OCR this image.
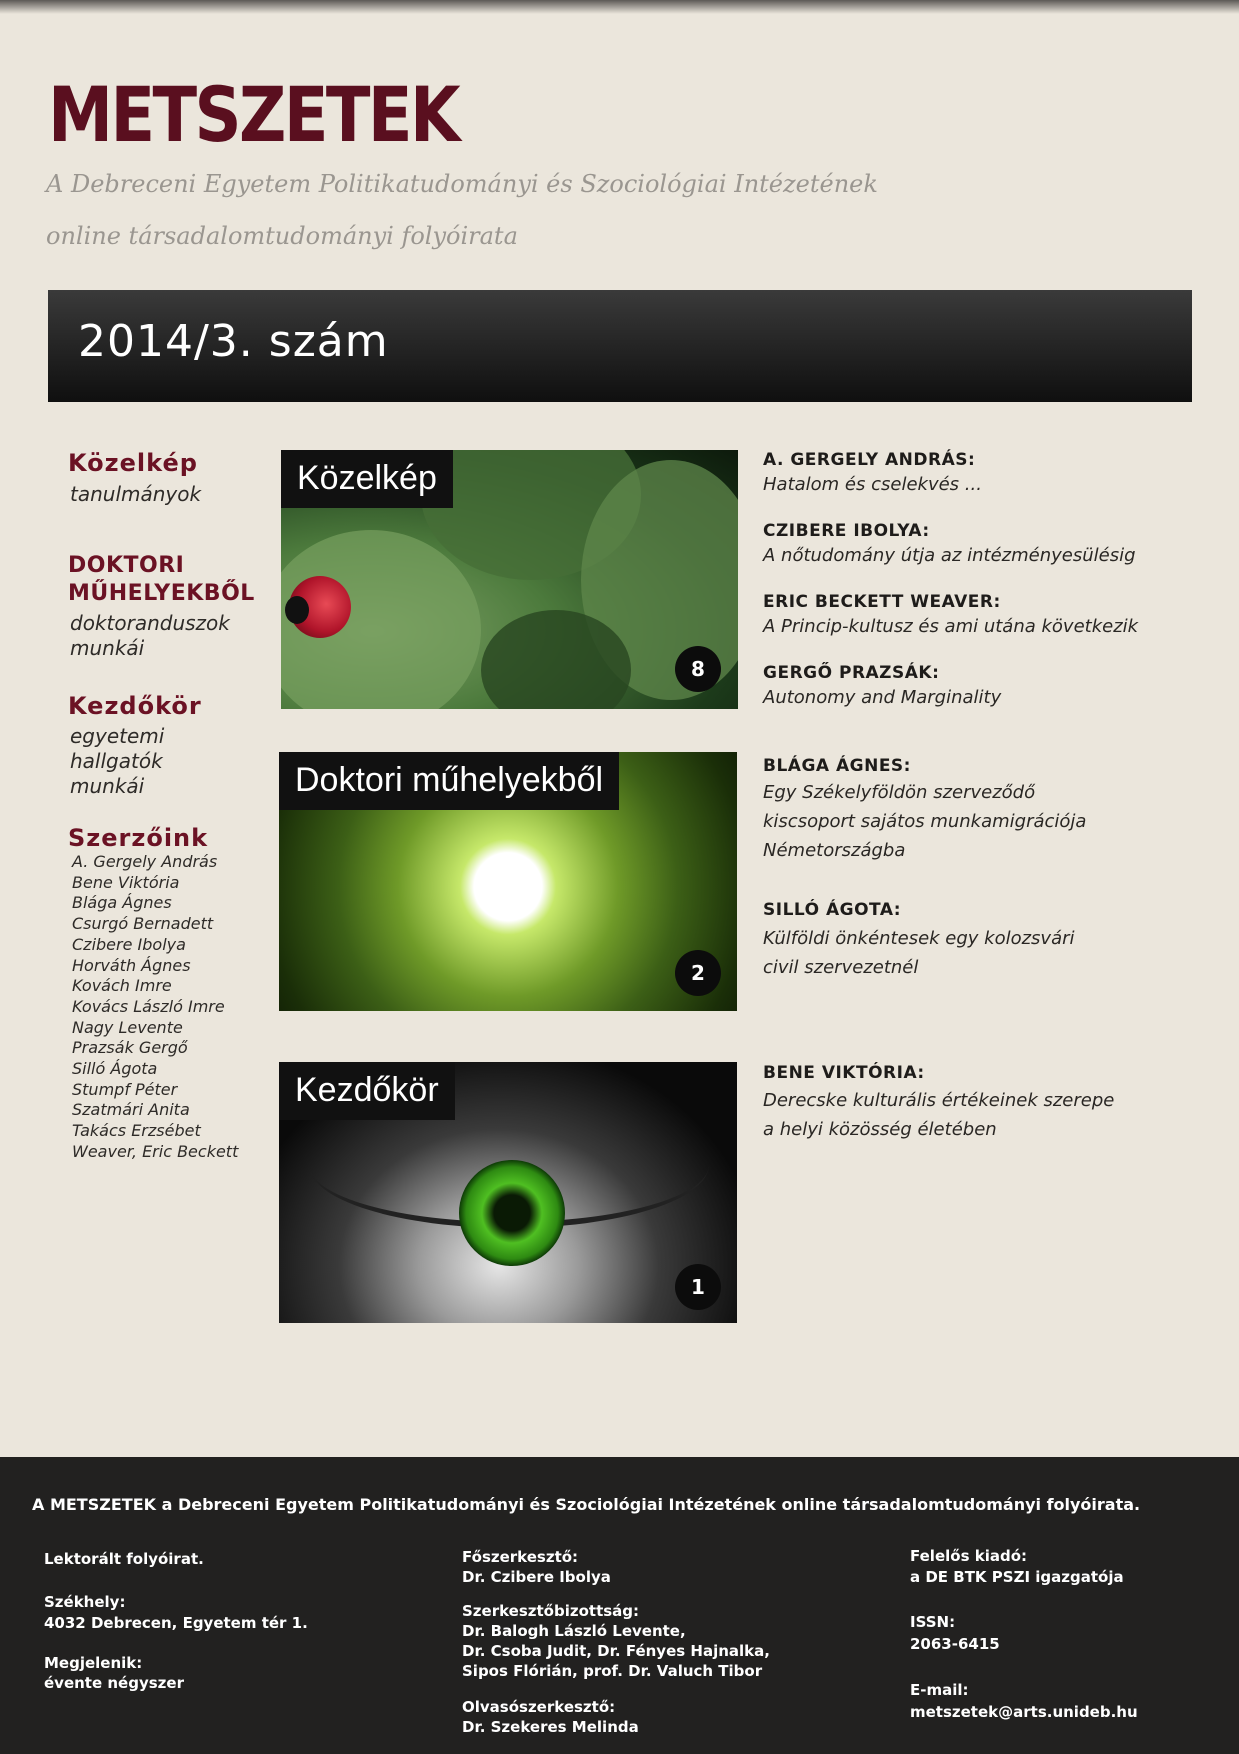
METSZETEK
A Debreceni Egyetem Politikatudományi és Szociológiai Intézetének
online társadalomtudományi folyóirata
2014/3. szám
Közelkép
tanulmányok
DOKTORI
MŰHELYEKBŐL
doktoranduszok
munkái
Kezdőkör
egyetemi
hallgatók
munkái
Szerzőink
A. Gergely András
Bene Viktória
Blága Ágnes
Csurgó Bernadett
Czibere Ibolya
Horváth Ágnes
Kovách Imre
Kovács László Imre
Nagy Levente
Prazsák Gergő
Silló Ágota
Stumpf Péter
Szatmári Anita
Takács Erzsébet
Weaver, Eric Beckett
Közelkép
8
Doktori műhelyekből
2
Kezdőkör
1
A. GERGELY ANDRÁS:
Hatalom és cselekvés ...
CZIBERE IBOLYA:
A nőtudomány útja az intézményesülésig
ERIC BECKETT WEAVER:
A Princip-kultusz és ami utána következik
GERGŐ PRAZSÁK:
Autonomy and Marginality
BLÁGA ÁGNES:
Egy Székelyföldön szerveződő
kiscsoport sajátos munkamigrációja
Németországba
SILLÓ ÁGOTA:
Külföldi önkéntesek egy kolozsvári
civil szervezetnél
BENE VIKTÓRIA:
Derecske kulturális értékeinek szerepe
a helyi közösség életében
A METSZETEK a Debreceni Egyetem Politikatudományi és Szociológiai Intézetének online társadalomtudományi folyóirata.
Lektorált folyóirat.
Székhely:
4032 Debrecen, Egyetem tér 1.
Megjelenik:
évente négyszer
Főszerkesztő:
Dr. Czibere Ibolya
Szerkesztőbizottság:
Dr. Balogh László Levente,
Dr. Csoba Judit, Dr. Fényes Hajnalka,
Sipos Flórián, prof. Dr. Valuch Tibor
Olvasószerkesztő:
Dr. Szekeres Melinda
Felelős kiadó:
a DE BTK PSZI igazgatója
ISSN:
2063-6415
E-mail:
metszetek@arts.unideb.hu
